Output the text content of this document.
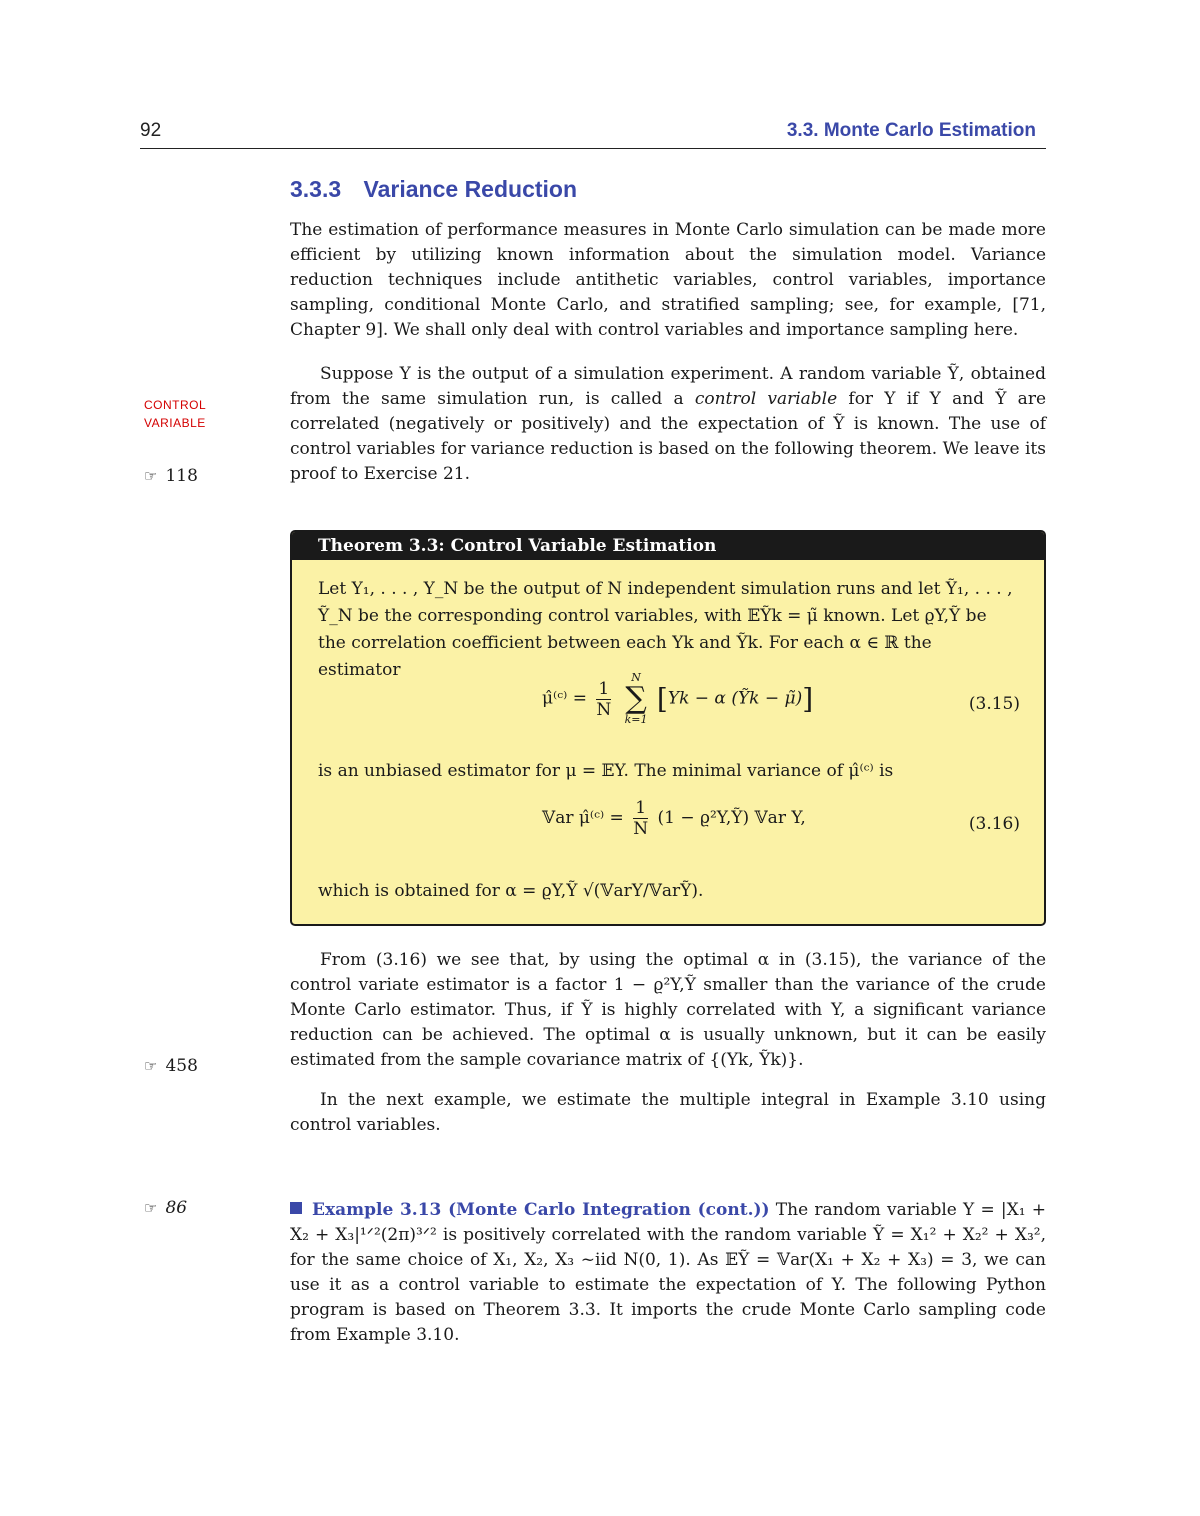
92	3.3. Monte Carlo Estimation
3.3.3 Variance Reduction

The estimation of performance measures in Monte Carlo simulation can be made more efficient by utilizing known information about the simulation model. Variance reduction techniques include antithetic variables, control variables, importance sampling, conditional Monte Carlo, and stratified sampling; see, for example, [71, Chapter 9]. We shall only deal with control variables and importance sampling here.

Suppose Y is the output of a simulation experiment. A random variable Ỹ, obtained from the same simulation run, is called a control variable for Y if Y and Ỹ are correlated (negatively or positively) and the expectation of Ỹ is known. The use of control variables for variance reduction is based on the following theorem. We leave its proof to Exercise 21.

CONTROL
VARIABLE
☞ 118
Theorem 3.3: Control Variable Estimation
Let Y₁, . . . , Y_N be the output of N independent simulation runs and let Ỹ₁, . . . , Ỹ_N be the corresponding control variables, with 𝔼Ỹk = μ̃ known. Let ϱY,Ỹ be the correlation coefficient between each Yk and Ỹk. For each α ∈ ℝ the estimator
μ̂⁽ᶜ⁾ = $\frac{1}{N}$

N
∑
k=1
[Yk − α (Ỹk − μ̃)]	(3.15)
is an unbiased estimator for μ = 𝔼Y. The minimal variance of μ̂⁽ᶜ⁾ is
𝕍ar μ̂⁽ᶜ⁾ = $\frac{1}{N} (1$ − ϱ²Y,Ỹ) 𝕍ar Y,	(3.16)
which is obtained for α = ϱY,Ỹ √(𝕍arY/𝕍arỸ).

From (3.16) we see that, by using the optimal α in (3.15), the variance of the control variate estimator is a factor 1 − ϱ²Y,Ỹ smaller than the variance of the crude Monte Carlo estimator. Thus, if Ỹ is highly correlated with Y, a significant variance reduction can be achieved. The optimal α is usually unknown, but it can be easily estimated from the sample covariance matrix of {(Yk, Ỹk)}.

☞ 458

In the next example, we estimate the multiple integral in Example 3.10 using control variables.

☞ 86	Example 3.13 (Monte Carlo Integration (cont.)) The random variable Y = |X₁ + X₂ + X₃|¹ᐟ²(2π)³ᐟ² is positively correlated with the random variable Ỹ = X₁² + X₂² + X₃², for the same choice of X₁, X₂, X₃ ~iid N(0, 1). As 𝔼Ỹ = 𝕍ar(X₁ + X₂ + X₃) = 3, we can use it as a control variable to estimate the expectation of Y. The following Python program is based on Theorem 3.3. It imports the crude Monte Carlo sampling code from Example 3.10.
